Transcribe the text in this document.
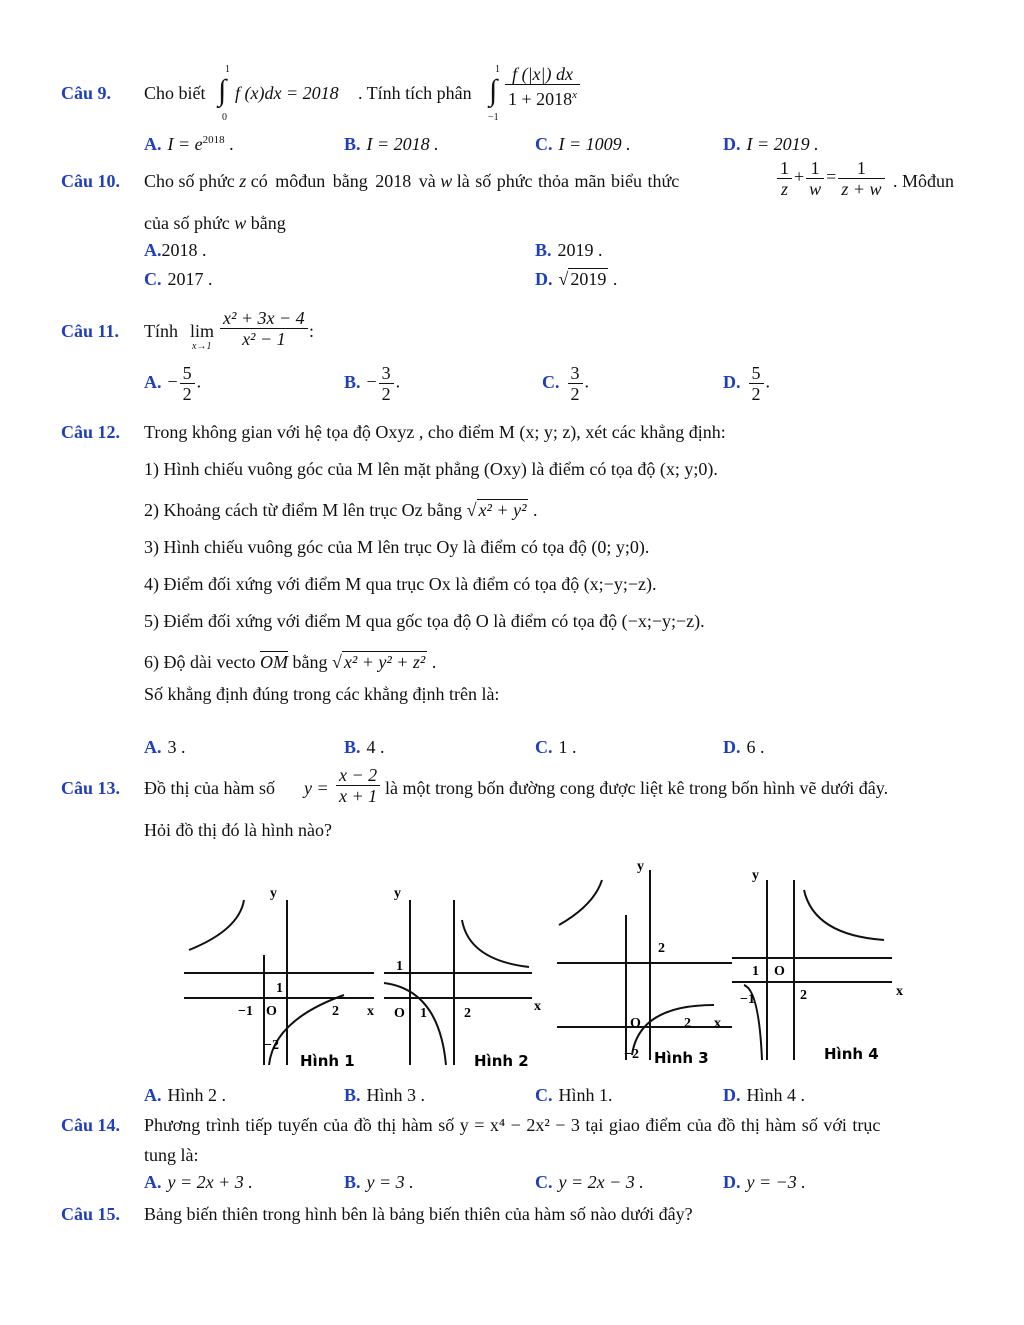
Câu 9. Cho biết ∫
1
0
f (x)dx = 2018 . Tính tích phân ∫
1
−1
$\frac{f (|x|) dx}{1 + 2018^x}$
A. $I = e^{2018}$ .	B. I = 2018 .	C. I = 1009 .	D. I = 2019 .
Câu 10. Cho số phức z có môđun bằng 2018 và w là số phức thỏa mãn biểu thức	$\frac{1}{z} + \frac{1}{w} = \frac{1}{z + w}$ . Môđun
của số phức w bằng
A.2018 .	B. 2019 .
C. 2017 .	D. √ 2019 .
Câu 11. Tính lim
$x\to 1 \frac{\text{x² + 3x − 4}}{\text{x² − 1}}$ :
A. − $\frac{5}{2}$ .	B. − $\frac{3}{2}$ .	C. $\frac{3}{2}$ .	D. $\frac{5}{2}$ .
Câu 12. Trong không gian với hệ tọa độ Oxyz , cho điểm M (x; y; z), xét các khẳng định:
1) Hình chiếu vuông góc của M lên mặt phẳng (Oxy) là điểm có tọa độ (x; y;0).
2) Khoảng cách từ điểm M lên trục Oz bằng √ x² + y² .
3) Hình chiếu vuông góc của M lên trục Oy là điểm có tọa độ (0; y;0).
4) Điểm đối xứng với điểm M qua trục Ox là điểm có tọa độ (x;−y;−z).
5) Điểm đối xứng với điểm M qua gốc tọa độ O là điểm có tọa độ (−x;−y;−z).
6) Độ dài vecto OM bằng √ x² + y² + z² .
Số khẳng định đúng trong các khẳng định trên là:
A. 3 .	B. 4 .	C. 1 .	D. 6 .
Câu 13. Đồ thị của hàm số $y = \frac{x - 2}{x + 1}$ là một trong bốn đường cong được liệt kê trong bốn hình vẽ dưới đây.
Hỏi đồ thị đó là hình nào?
y
1
−1 O	2 x
−2
Hình 1
y
1
O 1	2	x
Hình 2
y
2
O	2 x
−2 Hình 3
y
1 O
−1	2	x
Hình 4
A. Hình 2 .	B. Hình 3 .	C. Hình 1.	D. Hình 4 .
Câu 14. Phương trình tiếp tuyến của đồ thị hàm số y = x⁴ − 2x² − 3 tại giao điểm của đồ thị hàm số với trục
tung là:
A. y = 2x + 3 .	B. y = 3 .	C. y = 2x − 3 .	D. y = −3 .
Câu 15. Bảng biến thiên trong hình bên là bảng biến thiên của hàm số nào dưới đây?
